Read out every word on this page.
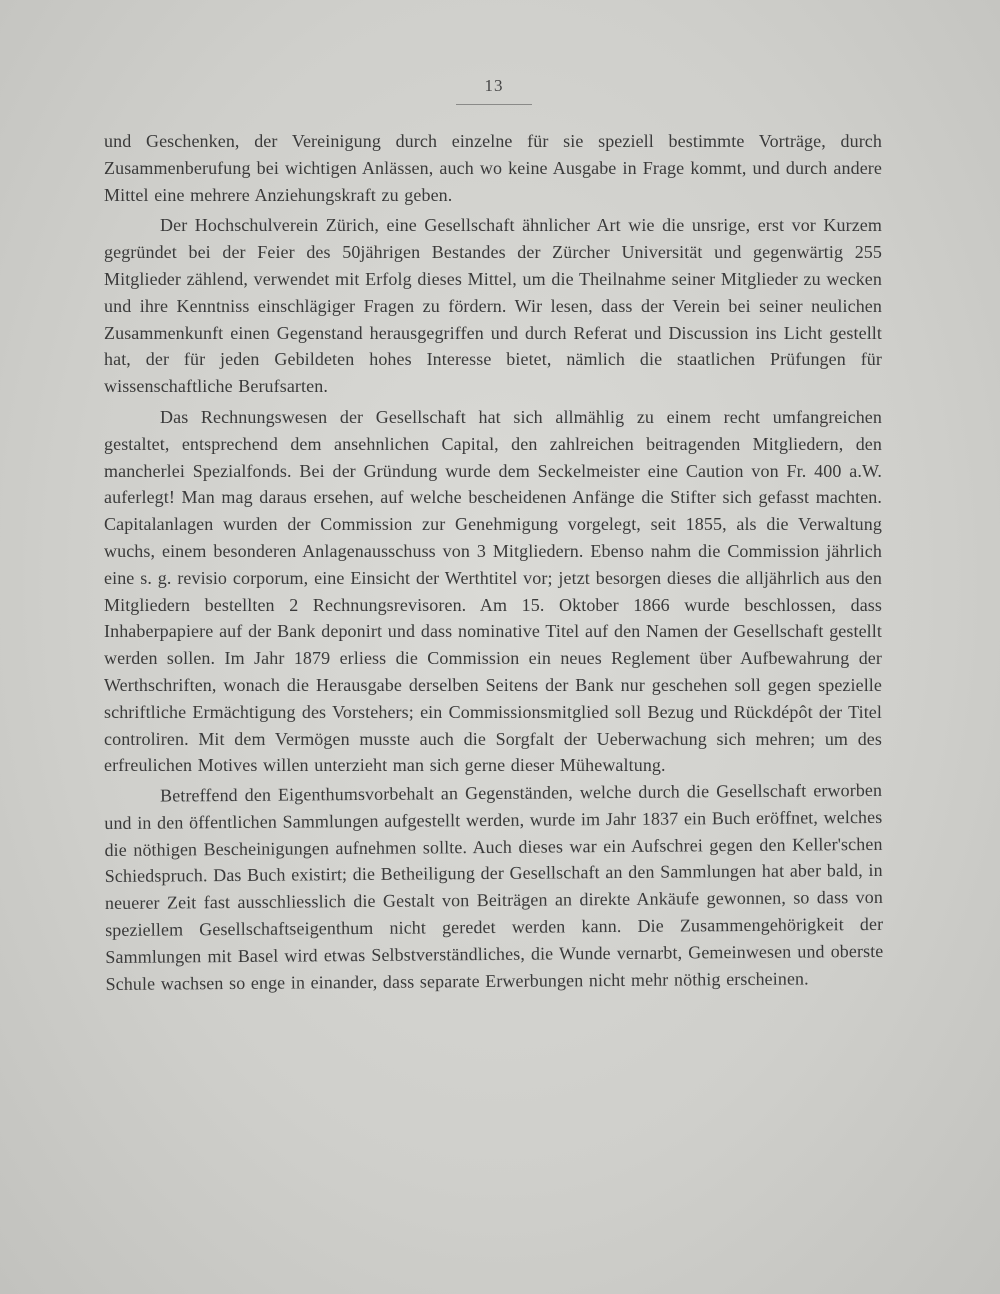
13

und Geschenken, der Vereinigung durch einzelne für sie speziell bestimmte Vorträge, durch Zusammenberufung bei wichtigen Anlässen, auch wo keine Ausgabe in Frage kommt, und durch andere Mittel eine mehrere Anziehungskraft zu geben.

Der Hochschulverein Zürich, eine Gesellschaft ähnlicher Art wie die unsrige, erst vor Kurzem gegründet bei der Feier des 50jährigen Bestandes der Zürcher Universität und gegenwärtig 255 Mitglieder zählend, verwendet mit Erfolg dieses Mittel, um die Theilnahme seiner Mitglieder zu wecken und ihre Kenntniss einschlägiger Fragen zu fördern. Wir lesen, dass der Verein bei seiner neulichen Zusammenkunft einen Gegenstand herausgegriffen und durch Referat und Discussion ins Licht gestellt hat, der für jeden Gebildeten hohes Interesse bietet, nämlich die staatlichen Prüfungen für wissenschaftliche Berufsarten.

Das Rechnungswesen der Gesellschaft hat sich allmählig zu einem recht umfangreichen gestaltet, entsprechend dem ansehnlichen Capital, den zahlreichen beitragenden Mitgliedern, den mancherlei Spezialfonds. Bei der Gründung wurde dem Seckelmeister eine Caution von Fr. 400 a.W. auferlegt! Man mag daraus ersehen, auf welche bescheidenen Anfänge die Stifter sich gefasst machten. Capitalanlagen wurden der Commission zur Genehmigung vorgelegt, seit 1855, als die Verwaltung wuchs, einem besonderen Anlagenausschuss von 3 Mitgliedern. Ebenso nahm die Commission jährlich eine s. g. revisio corporum, eine Einsicht der Werthtitel vor; jetzt besorgen dieses die alljährlich aus den Mitgliedern bestellten 2 Rechnungsrevisoren. Am 15. Oktober 1866 wurde beschlossen, dass Inhaberpapiere auf der Bank deponirt und dass nominative Titel auf den Namen der Gesellschaft gestellt werden sollen. Im Jahr 1879 erliess die Commission ein neues Reglement über Aufbewahrung der Werthschriften, wonach die Herausgabe derselben Seitens der Bank nur geschehen soll gegen spezielle schriftliche Ermächtigung des Vorstehers; ein Commissionsmitglied soll Bezug und Rückdépôt der Titel controliren. Mit dem Vermögen musste auch die Sorgfalt der Ueberwachung sich mehren; um des erfreulichen Motives willen unterzieht man sich gerne dieser Mühewaltung.

Betreffend den Eigenthumsvorbehalt an Gegenständen, welche durch die Gesellschaft erworben und in den öffentlichen Sammlungen aufgestellt werden, wurde im Jahr 1837 ein Buch eröffnet, welches die nöthigen Bescheinigungen aufnehmen sollte. Auch dieses war ein Aufschrei gegen den Keller'schen Schiedspruch. Das Buch existirt; die Betheiligung der Gesellschaft an den Sammlungen hat aber bald, in neuerer Zeit fast ausschliesslich die Gestalt von Beiträgen an direkte Ankäufe gewonnen, so dass von speziellem Gesellschaftseigenthum nicht geredet werden kann. Die Zusammengehörigkeit der Sammlungen mit Basel wird etwas Selbstverständliches, die Wunde vernarbt, Gemeinwesen und oberste Schule wachsen so enge in einander, dass separate Erwerbungen nicht mehr nöthig erscheinen.
